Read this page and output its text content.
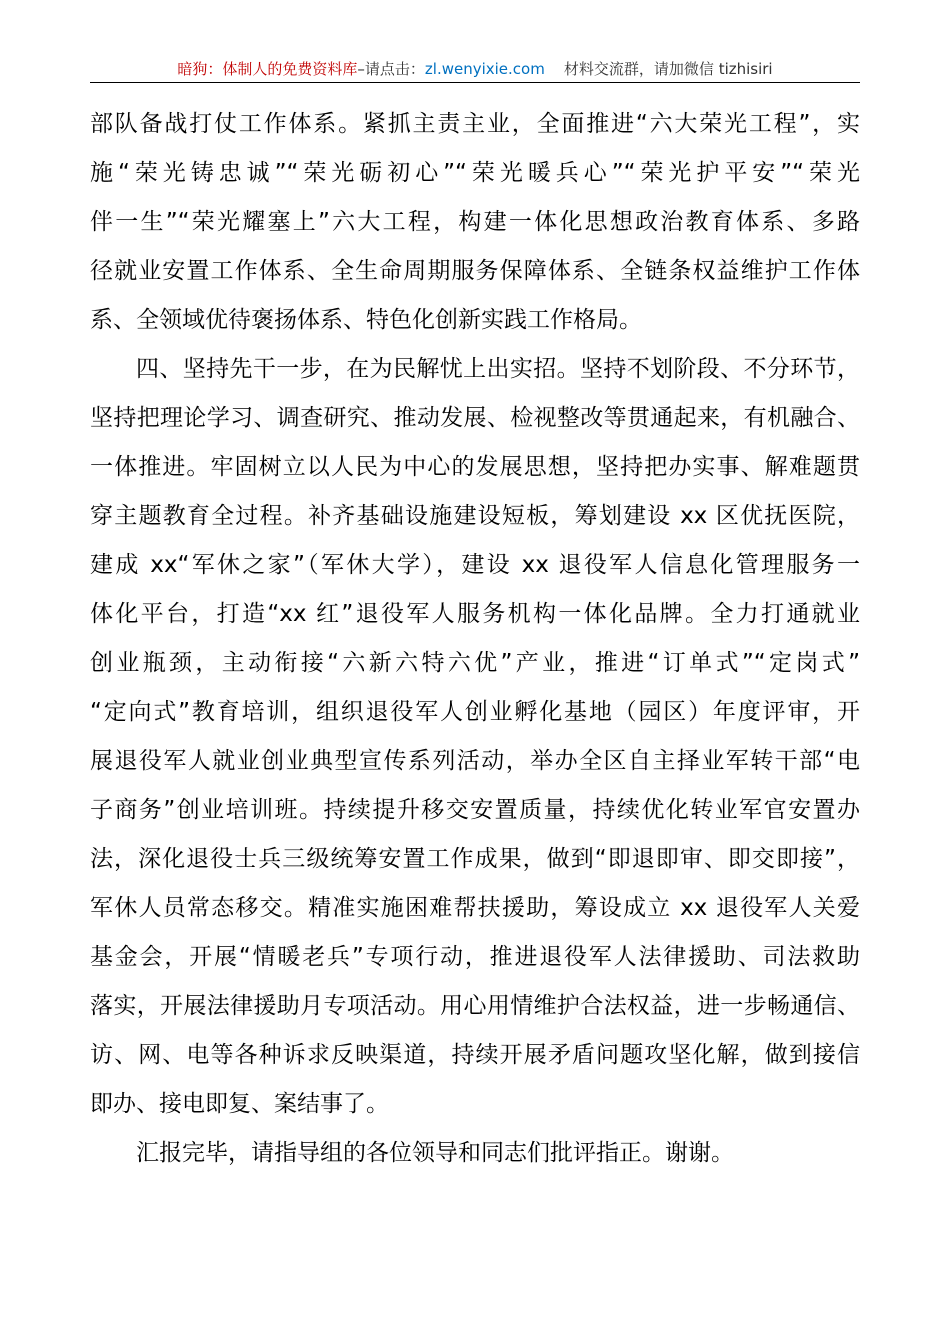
暗狗：体制人的免费资料库–请点击：zl.wenyixie.com 材料交流群，请加微信 tizhisiri
部队备战打仗工作体系。紧抓主责主业，全面推进“六大荣光工程”，实
施“荣光铸忠诚”“荣光砺初心”“荣光暖兵心”“荣光护平安”“荣光
伴一生”“荣光耀塞上”六大工程，构建一体化思想政治教育体系、多路
径就业安置工作体系、全生命周期服务保障体系、全链条权益维护工作体
系、全领域优待褒扬体系、特色化创新实践工作格局。
四、坚持先干一步，在为民解忧上出实招。坚持不划阶段、不分环节，
坚持把理论学习、调查研究、推动发展、检视整改等贯通起来，有机融合、
一体推进。牢固树立以人民为中心的发展思想，坚持把办实事、解难题贯
穿主题教育全过程。补齐基础设施建设短板，筹划建设 xx 区优抚医院，
建成 xx“军休之家”（军休大学），建设 xx 退役军人信息化管理服务一
体化平台，打造“xx 红”退役军人服务机构一体化品牌。全力打通就业
创业瓶颈，主动衔接“六新六特六优”产业，推进“订单式”“定岗式”
“定向式”教育培训，组织退役军人创业孵化基地（园区）年度评审，开
展退役军人就业创业典型宣传系列活动，举办全区自主择业军转干部“电
子商务”创业培训班。持续提升移交安置质量，持续优化转业军官安置办
法，深化退役士兵三级统筹安置工作成果，做到“即退即审、即交即接”，
军休人员常态移交。精准实施困难帮扶援助，筹设成立 xx 退役军人关爱
基金会，开展“情暖老兵”专项行动，推进退役军人法律援助、司法救助
落实，开展法律援助月专项活动。用心用情维护合法权益，进一步畅通信、
访、网、电等各种诉求反映渠道，持续开展矛盾问题攻坚化解，做到接信
即办、接电即复、案结事了。
汇报完毕，请指导组的各位领导和同志们批评指正。谢谢。
